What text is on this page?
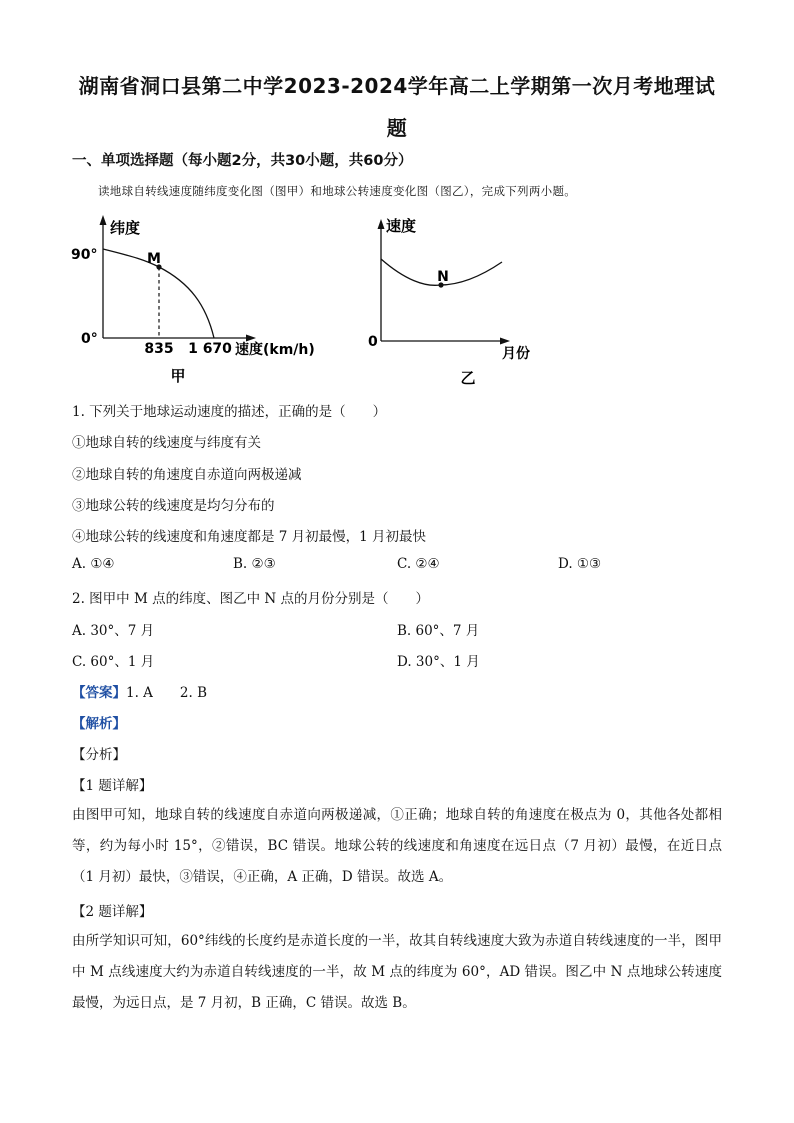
湖南省洞口县第二中学2023-2024学年高二上学期第一次月考地理试
题
一、单项选择题（每小题2分，共30小题，共60分）
读地球自转线速度随纬度变化图（图甲）和地球公转速度变化图（图乙），完成下列两小题。
纬度
90°
0°
M
835 1 670 速度(km/h)
甲
速度
0
N
月份
乙
1. 下列关于地球运动速度的描述，正确的是（　　）
①地球自转的线速度与纬度有关
②地球自转的角速度自赤道向两极递减
③地球公转的线速度是均匀分布的
④地球公转的线速度和角速度都是 7 月初最慢，1 月初最快
A. ①④	B. ②③	C. ②④	D. ①③
2. 图甲中 M 点的纬度、图乙中 N 点的月份分别是（　　）
A. 30°、7 月	B. 60°、7 月
C. 60°、1 月	D. 30°、1 月
【答案】1. A　　2. B
【解析】
【分析】
【1 题详解】
由图甲可知，地球自转的线速度自赤道向两极递减，①正确；地球自转的角速度在极点为 0，其他各处都相等，约为每小时 15°，②错误，BC 错误。地球公转的线速度和角速度在远日点（7 月初）最慢，在近日点（1 月初）最快，③错误，④正确，A 正确，D 错误。故选 A。
【2 题详解】
由所学知识可知，60°纬线的长度约是赤道长度的一半，故其自转线速度大致为赤道自转线速度的一半，图甲中 M 点线速度大约为赤道自转线速度的一半，故 M 点的纬度为 60°，AD 错误。图乙中 N 点地球公转速度最慢，为远日点，是 7 月初，B 正确，C 错误。故选 B。
